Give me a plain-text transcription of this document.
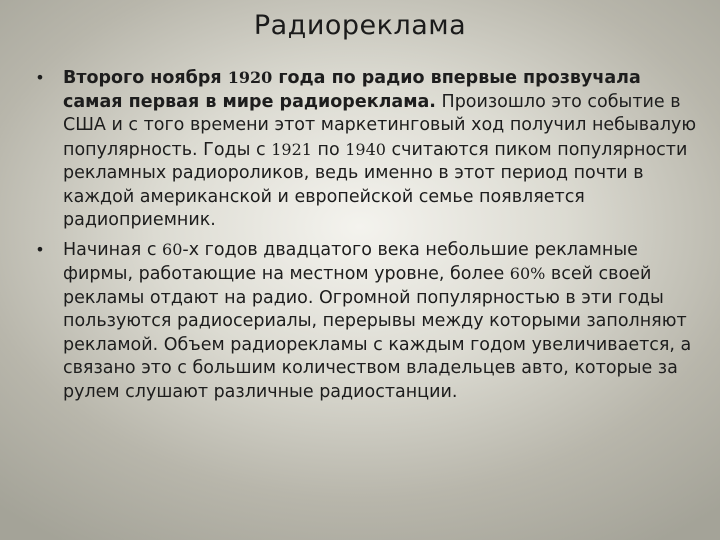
Радиореклама
•	Второго ноября 1920 года по радио впервые прозвучала самая первая в мире радиореклама. Произошло это событие в США и с того времени этот маркетинговый ход получил небывалую популярность. Годы с 1921 по 1940 считаются пиком популярности рекламных радиороликов, ведь именно в этот период почти в каждой американской и европейской семье появляется радиоприемник.
•	Начиная с 60-х годов двадцатого века небольшие рекламные фирмы, работающие на местном уровне, более 60% всей своей рекламы отдают на радио. Огромной популярностью в эти годы пользуются радиосериалы, перерывы между которыми заполняют рекламой. Объем радиорекламы с каждым годом увеличивается, а связано это с большим количеством владельцев авто, которые за рулем слушают различные радиостанции.
